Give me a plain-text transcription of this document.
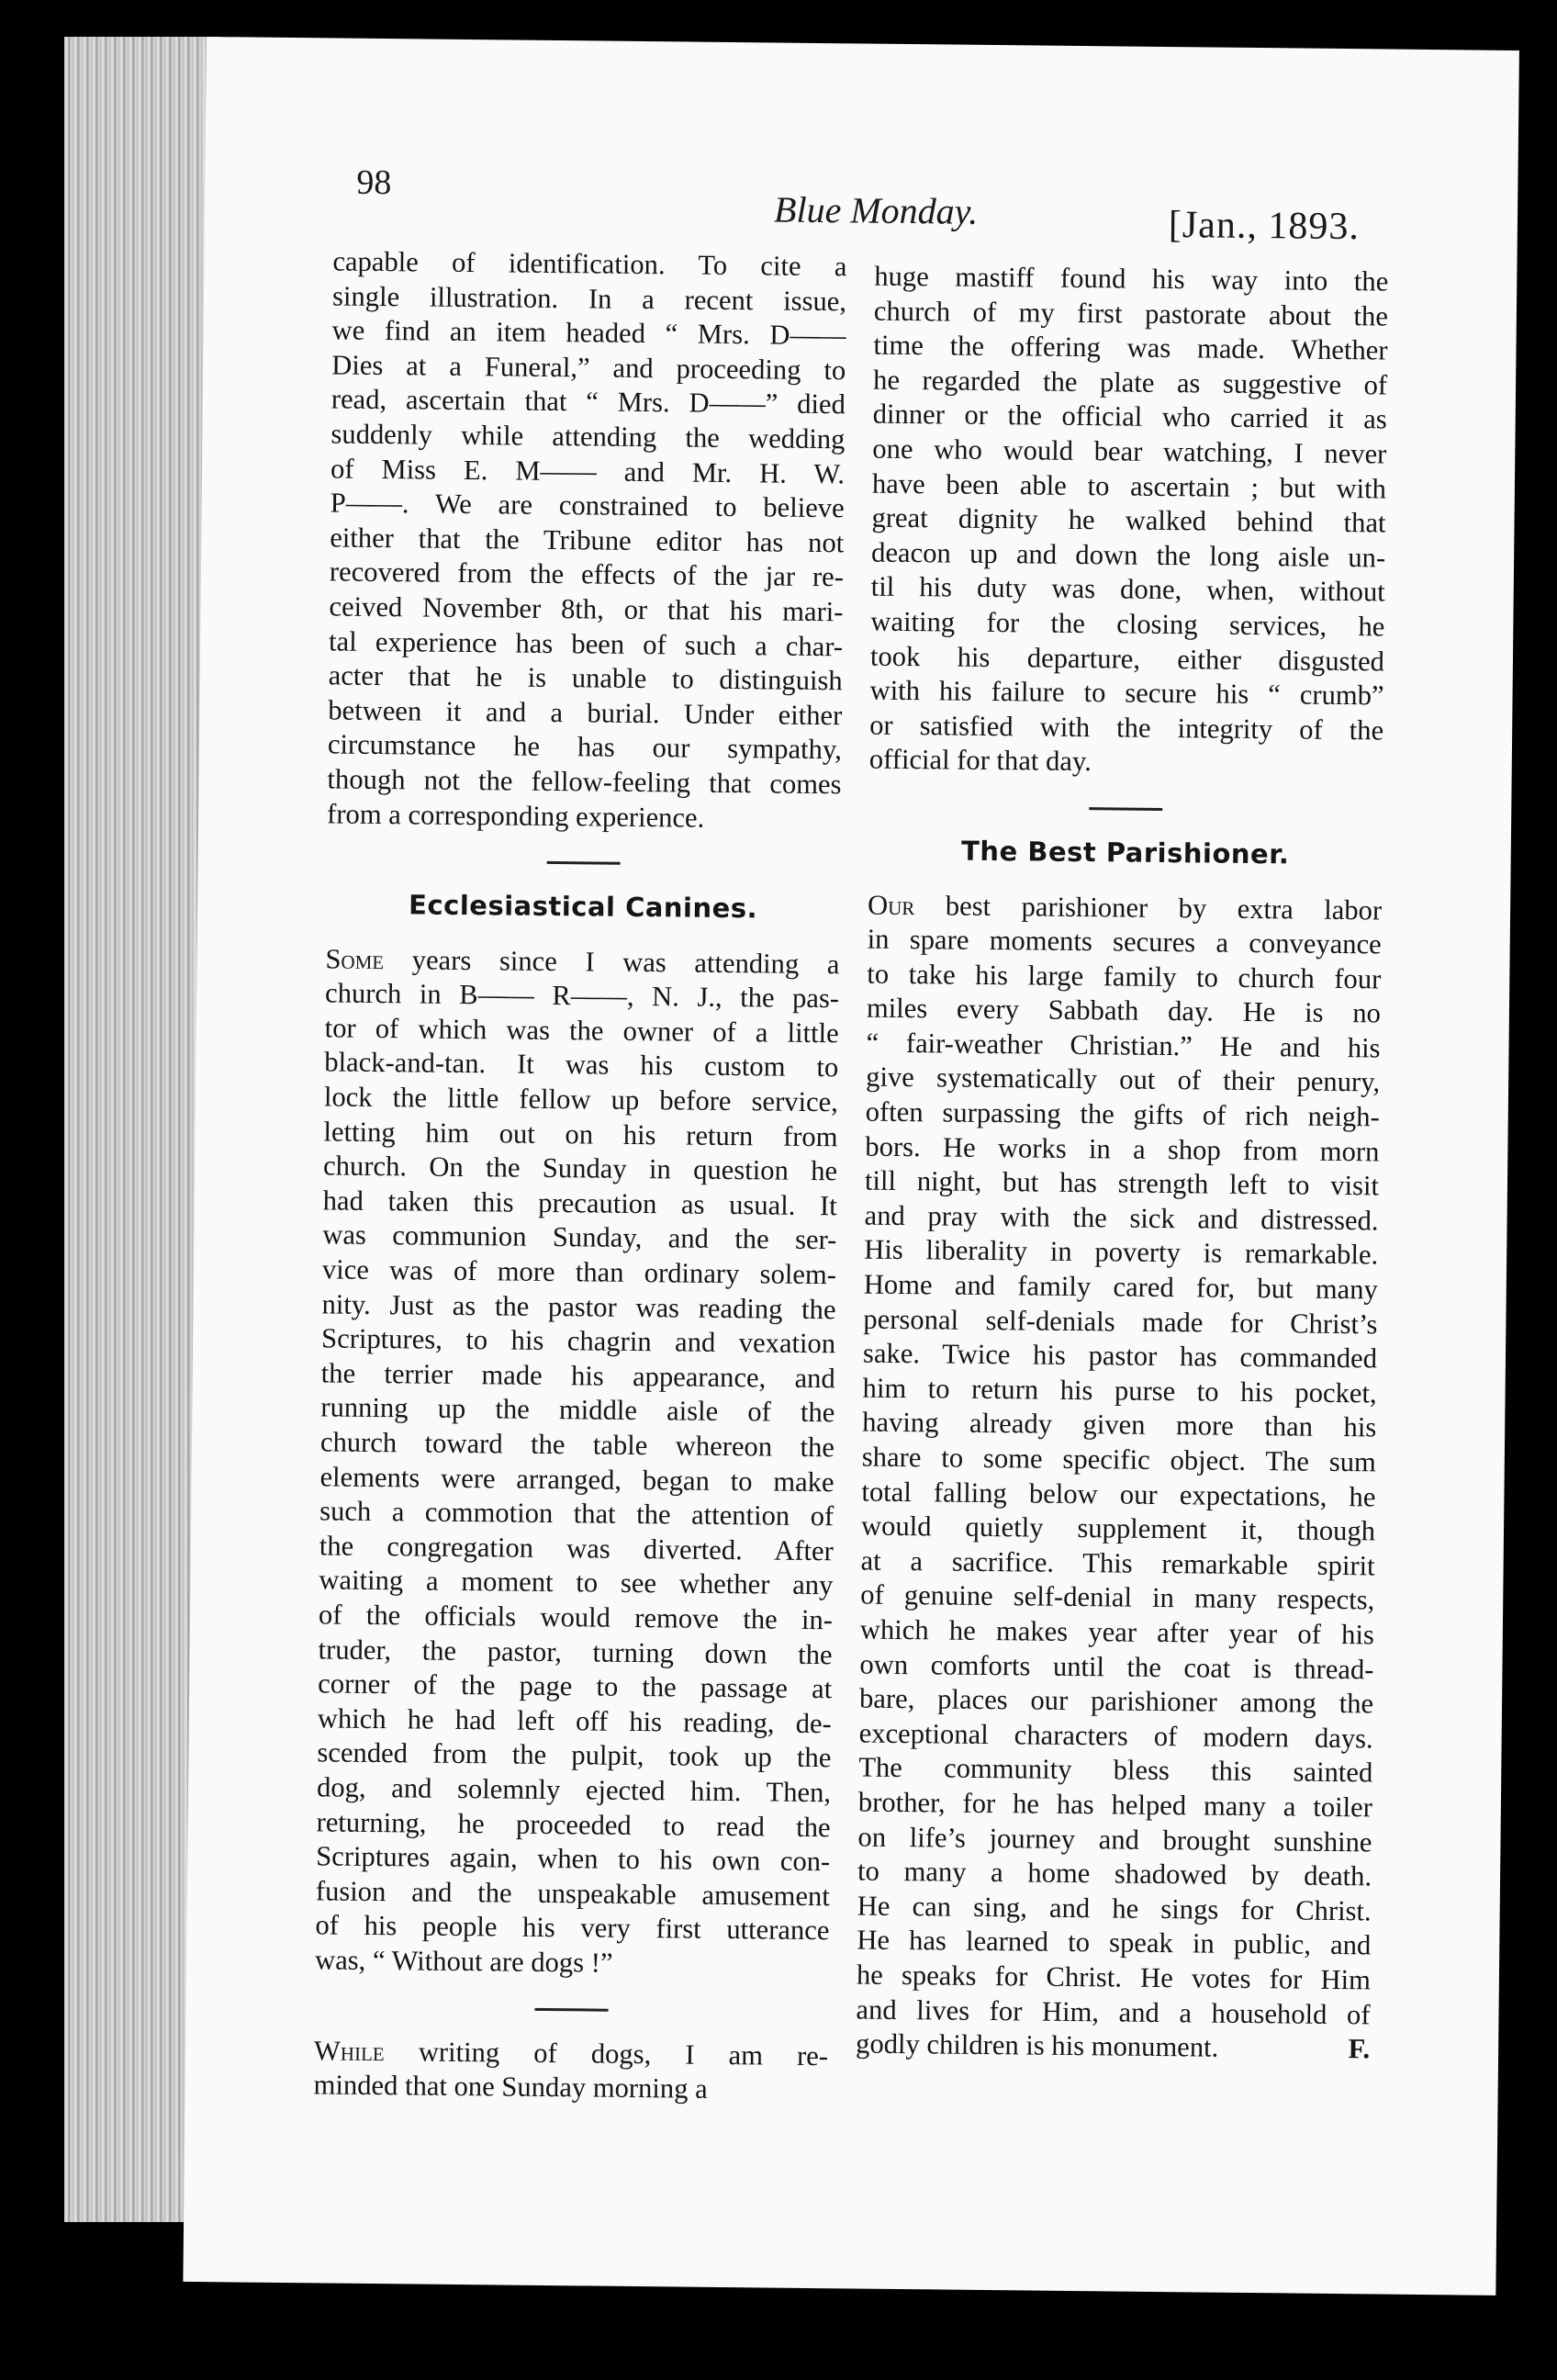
98
Blue Monday.	[Jan., 1893.

capable of identification. To cite a
single illustration. In a recent issue,
we find an item headed “ Mrs. D——
Dies at a Funeral,” and proceeding to
read, ascertain that “ Mrs. D——” died
suddenly while attending the wedding
of Miss E. M—— and Mr. H. W.
P——. We are constrained to believe
either that the Tribune editor has not
recovered from the effects of the jar re-
ceived November 8th, or that his mari-
tal experience has been of such a char-
acter that he is unable to distinguish
between it and a burial. Under either
circumstance he has our sympathy,
though not the fellow-feeling that comes
from a corresponding experience.

Ecclesiastical Canines.

Some years since I was attending a
church in B—— R——, N. J., the pas-
tor of which was the owner of a little
black-and-tan. It was his custom to
lock the little fellow up before service,
letting him out on his return from
church. On the Sunday in question he
had taken this precaution as usual. It
was communion Sunday, and the ser-
vice was of more than ordinary solem-
nity. Just as the pastor was reading the
Scriptures, to his chagrin and vexation
the terrier made his appearance, and
running up the middle aisle of the
church toward the table whereon the
elements were arranged, began to make
such a commotion that the attention of
the congregation was diverted. After
waiting a moment to see whether any
of the officials would remove the in-
truder, the pastor, turning down the
corner of the page to the passage at
which he had left off his reading, de-
scended from the pulpit, took up the
dog, and solemnly ejected him. Then,
returning, he proceeded to read the
Scriptures again, when to his own con-
fusion and the unspeakable amusement
of his people his very first utterance
was, “ Without are dogs !”

While writing of dogs, I am re-
minded that one Sunday morning a

huge mastiff found his way into the
church of my first pastorate about the
time the offering was made. Whether
he regarded the plate as suggestive of
dinner or the official who carried it as
one who would bear watching, I never
have been able to ascertain ; but with
great dignity he walked behind that
deacon up and down the long aisle un-
til his duty was done, when, without
waiting for the closing services, he
took his departure, either disgusted
with his failure to secure his “ crumb”
or satisfied with the integrity of the
official for that day.

The Best Parishioner.

Our best parishioner by extra labor
in spare moments secures a conveyance
to take his large family to church four
miles every Sabbath day. He is no
“ fair-weather Christian.” He and his
give systematically out of their penury,
often surpassing the gifts of rich neigh-
bors. He works in a shop from morn
till night, but has strength left to visit
and pray with the sick and distressed.
His liberality in poverty is remarkable.
Home and family cared for, but many
personal self-denials made for Christ’s
sake. Twice his pastor has commanded
him to return his purse to his pocket,
having already given more than his
share to some specific object. The sum
total falling below our expectations, he
would quietly supplement it, though
at a sacrifice. This remarkable spirit
of genuine self-denial in many respects,
which he makes year after year of his
own comforts until the coat is thread-
bare, places our parishioner among the
exceptional characters of modern days.
The community bless this sainted
brother, for he has helped many a toiler
on life’s journey and brought sunshine
to many a home shadowed by death.
He can sing, and he sings for Christ.
He has learned to speak in public, and
he speaks for Christ. He votes for Him
and lives for Him, and a household of
godly children is his monument.	F.
